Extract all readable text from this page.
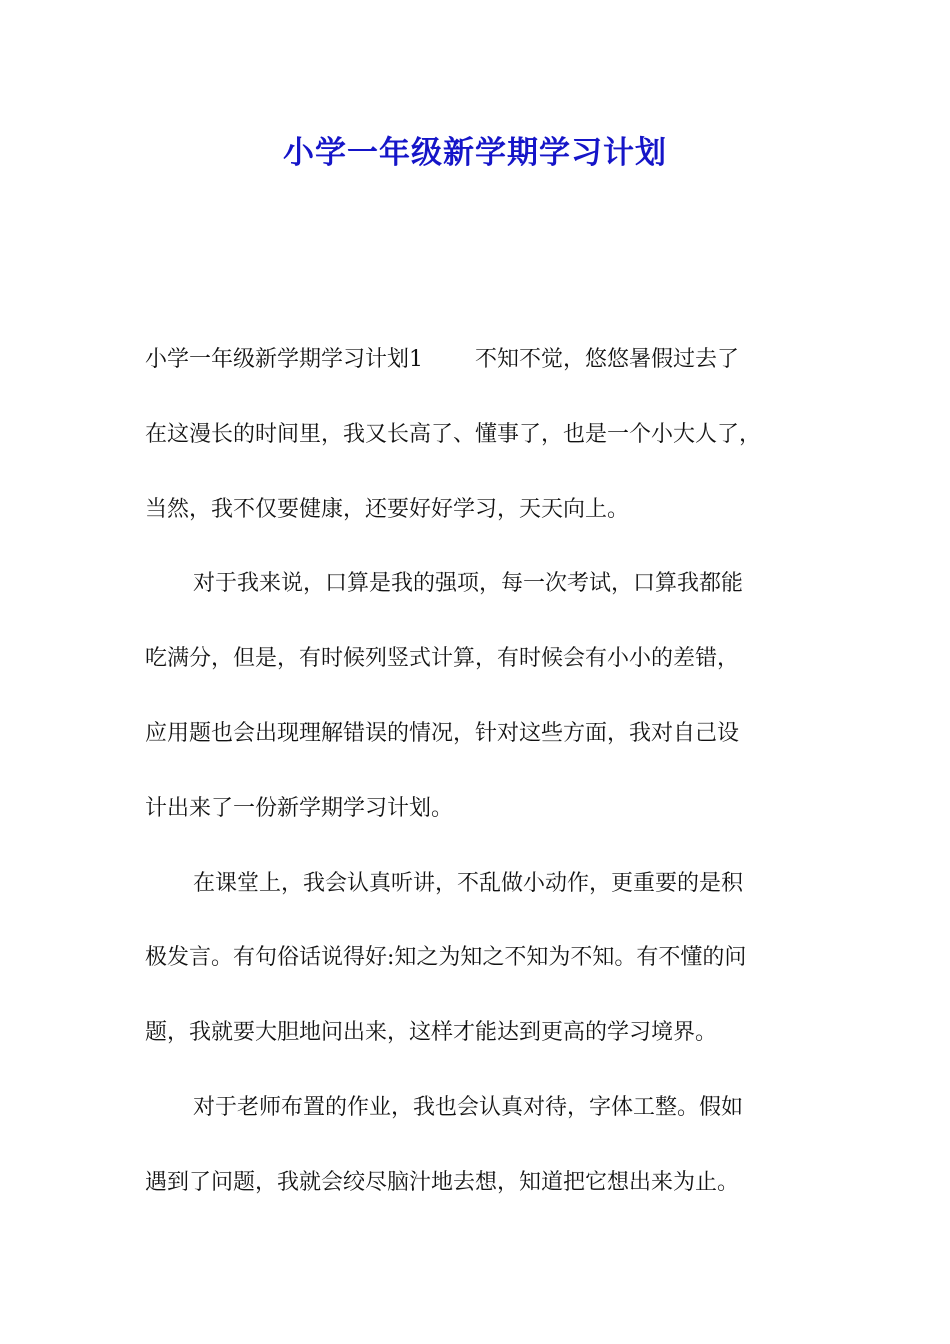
小学一年级新学期学习计划
小学一年级新学期学习计划1 不知不觉，悠悠暑假过去了
在这漫长的时间里，我又长高了、懂事了，也是一个小大人了，
当然，我不仅要健康，还要好好学习，天天向上。
对于我来说，口算是我的强项，每一次考试，口算我都能
吃满分，但是，有时候列竖式计算，有时候会有小小的差错，
应用题也会出现理解错误的情况，针对这些方面，我对自己设
计出来了一份新学期学习计划。
在课堂上，我会认真听讲，不乱做小动作，更重要的是积
极发言。有句俗话说得好:知之为知之不知为不知。有不懂的问
题，我就要大胆地问出来，这样才能达到更高的学习境界。
对于老师布置的作业，我也会认真对待，字体工整。假如
遇到了问题，我就会绞尽脑汁地去想，知道把它想出来为止。
